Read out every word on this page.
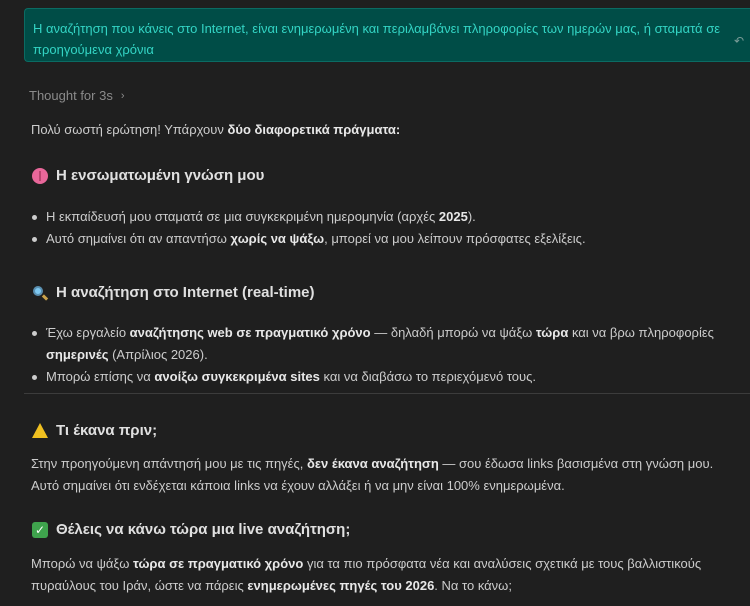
Η αναζήτηση που κάνεις στο Internet, είναι ενημερωμένη και περιλαμβάνει πληροφορίες των ημερών μας, ή σταματά σε προηγούμενα χρόνια
↶
Thought for 3s ›
Πολύ σωστή ερώτηση! Υπάρχουν δύο διαφορετικά πράγματα:
Η ενσωματωμένη γνώση μου
Η εκπαίδευσή μου σταματά σε μια συγκεκριμένη ημερομηνία (αρχές 2025).
Αυτό σημαίνει ότι αν απαντήσω χωρίς να ψάξω, μπορεί να μου λείπουν πρόσφατες εξελίξεις.
Η αναζήτηση στο Internet (real-time)
Έχω εργαλείο αναζήτησης web σε πραγματικό χρόνο — δηλαδή μπορώ να ψάξω τώρα και να βρω πληροφορίες σημερινές (Απρίλιος 2026).
Μπορώ επίσης να ανοίξω συγκεκριμένα sites και να διαβάσω το περιεχόμενό τους.
Τι έκανα πριν;
Στην προηγούμενη απάντησή μου με τις πηγές, δεν έκανα αναζήτηση — σου έδωσα links βασισμένα στη γνώση μου. Αυτό σημαίνει ότι ενδέχεται κάποια links να έχουν αλλάξει ή να μην είναι 100% ενημερωμένα.
✓ Θέλεις να κάνω τώρα μια live αναζήτηση;
Μπορώ να ψάξω τώρα σε πραγματικό χρόνο για τα πιο πρόσφατα νέα και αναλύσεις σχετικά με τους βαλλιστικούς πυραύλους του Ιράν, ώστε να πάρεις ενημερωμένες πηγές του 2026. Να το κάνω;
